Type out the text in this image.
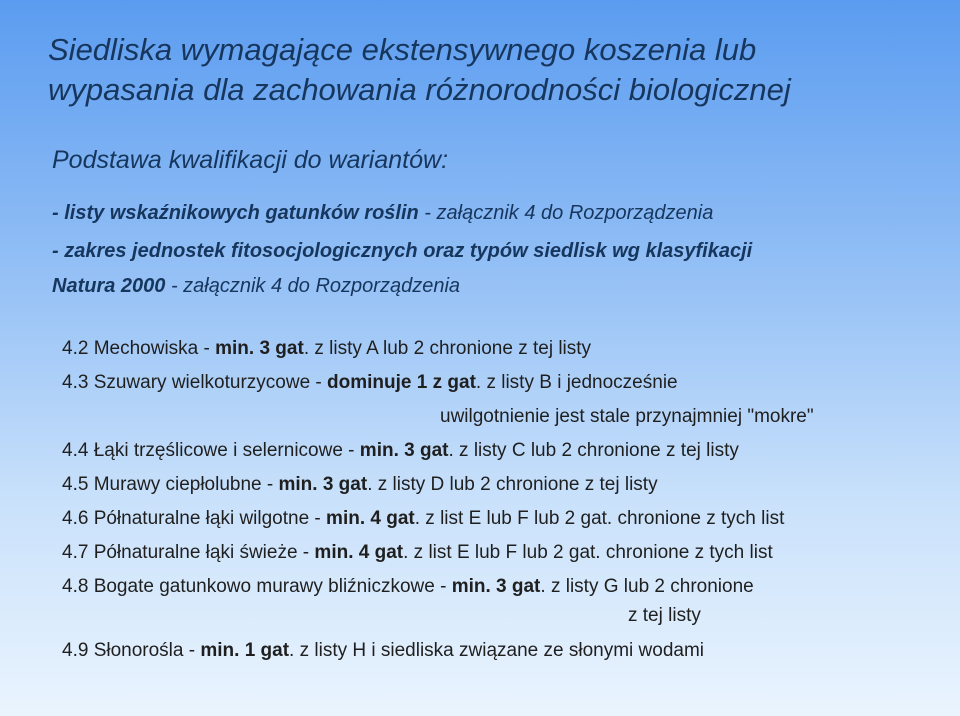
Siedliska wymagające ekstensywnego koszenia lub
wypasania dla zachowania różnorodności biologicznej
Podstawa kwalifikacji do wariantów:
- listy wskaźnikowych gatunków roślin - załącznik 4 do Rozporządzenia
- zakres jednostek fitosocjologicznych oraz typów siedlisk wg klasyfikacji
Natura 2000 - załącznik 4 do Rozporządzenia
4.2 Mechowiska - min. 3 gat. z listy A lub 2 chronione z tej listy
4.3 Szuwary wielkoturzycowe - dominuje 1 z gat. z listy B i jednocześnie
uwilgotnienie jest stale przynajmniej "mokre"
4.4 Łąki trzęślicowe i selernicowe - min. 3 gat. z listy C lub 2 chronione z tej listy
4.5 Murawy ciepłolubne - min. 3 gat. z listy D lub 2 chronione z tej listy
4.6 Półnaturalne łąki wilgotne - min. 4 gat. z list E lub F lub 2 gat. chronione z tych list
4.7 Półnaturalne łąki świeże - min. 4 gat. z list E lub F lub 2 gat. chronione z tych list
4.8 Bogate gatunkowo murawy bliźniczkowe - min. 3 gat. z listy G lub 2 chronione
z tej listy
4.9 Słonorośla - min. 1 gat. z listy H i siedliska związane ze słonymi wodami
